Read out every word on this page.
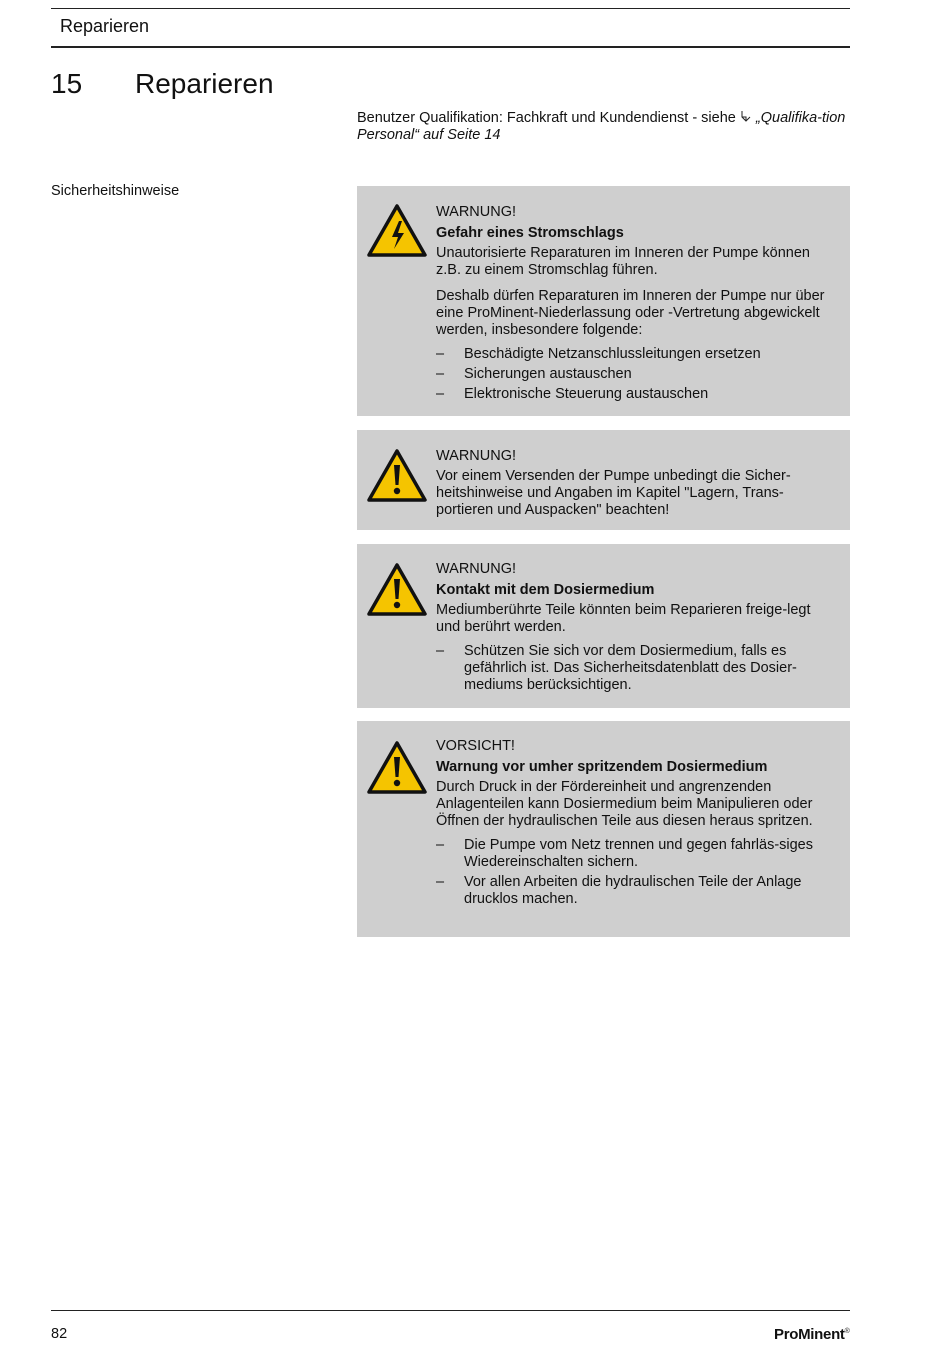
Reparieren
15 Reparieren
Benutzer Qualifikation: Fachkraft und Kundendienst - siehe  „Qualifika-tion Personal“ auf Seite 14
Sicherheitshinweise
WARNUNG!
Gefahr eines Stromschlags

Unautorisierte Reparaturen im Inneren der Pumpe können z.B. zu einem Stromschlag führen.

Deshalb dürfen Reparaturen im Inneren der Pumpe nur über eine ProMinent-Niederlassung oder -Vertretung abgewickelt werden, insbesondere folgende:

– Beschädigte Netzanschlussleitungen ersetzen
– Sicherungen austauschen
– Elektronische Steuerung austauschen
WARNUNG!

Vor einem Versenden der Pumpe unbedingt die Sicher-heitshinweise und Angaben im Kapitel "Lagern, Trans-portieren und Auspacken" beachten!

WARNUNG!
Kontakt mit dem Dosiermedium

Mediumberührte Teile könnten beim Reparieren freige-legt und berührt werden.

– Schützen Sie sich vor dem Dosiermedium, falls es gefährlich ist. Das Sicherheitsdatenblatt des Dosier-mediums berücksichtigen.
VORSICHT!
Warnung vor umher spritzendem Dosiermedium

Durch Druck in der Fördereinheit und angrenzenden Anlagenteilen kann Dosiermedium beim Manipulieren oder Öffnen der hydraulischen Teile aus diesen heraus spritzen.

– Die Pumpe vom Netz trennen und gegen fahrläs-siges Wiedereinschalten sichern.
– Vor allen Arbeiten die hydraulischen Teile der Anlage drucklos machen.
82	ProMinent®
